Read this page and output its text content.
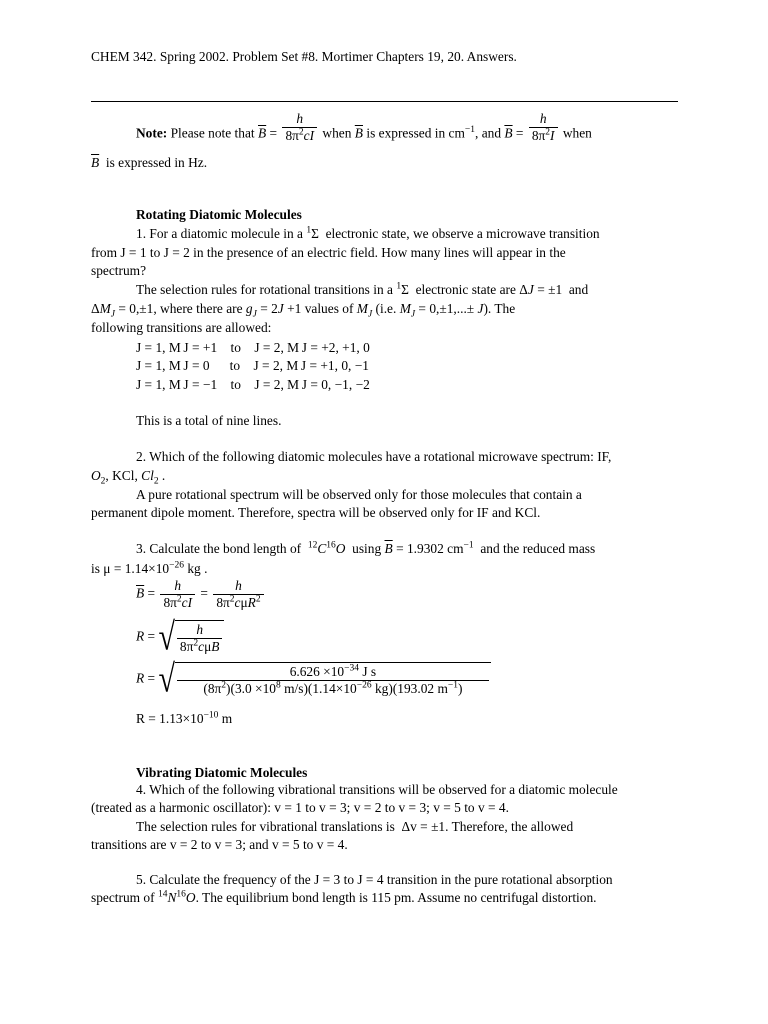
CHEM 342. Spring 2002. Problem Set #8. Mortimer Chapters 19, 20. Answers.
Note: Please note that $\overline{B} = \frac{h}{8\pi^2cI}$ when $\overline{B}$ is expressed in $cm^{-1}$, and $\overline{B} = \frac{h}{8\pi^2I}$ when
$\overline{B}$ is expressed in Hz.
Rotating Diatomic Molecules
1. For a diatomic molecule in a $^1$Σ  electronic state, we observe a microwave transition
from J = 1 to J = 2 in the presence of an electric field. How many lines will appear in the
spectrum?
The selection rules for rotational transitions in a $^1$Σ  electronic state are ΔJ = ±1  and
$\Delta M_J = 0,\pm 1$, where there are $g_J = 2J +1$ values of $M_J$ (i.e. $M_J = 0,\pm 1,...\pm J$). The
following transitions are allowed:
J = 1, M J = +1    to    J = 2, M J = +2, +1, 0
J = 1, M J = 0      to    J = 2, M J = +1, 0, −1
J = 1, M J = −1    to    J = 2, M J = 0, −1, −2
This is a total of nine lines.
2. Which of the following diatomic molecules have a rotational microwave spectrum: IF,
$O_2$, KCl, $Cl_2$ .
A pure rotational spectrum will be observed only for those molecules that contain a
permanent dipole moment. Therefore, spectra will be observed only for IF and KCl.
3. Calculate the bond length of $^{12}C^{16}O$ using $\overline{B} = 1.9302$ $cm^{-1}$ and the reduced mass
is $\mu = 1.14\times 10^{-26}$ kg .
$\overline{B} = \frac{h}{8\pi^2cI} = \frac{h}{8\pi^2c\mu R^2}$
R = √ $\frac{h}{8\pi^2c\mu\overline{B}}$
R = √ $\frac{6.626 \times 10^{-34} J s}{(8\pi^2)(3.0 \times 10^8 m/s)(1.14\times 10^{-26} kg)(193.02 m^{-1})}$
$R = 1.13\times 10^{-10}$ m
Vibrating Diatomic Molecules
4. Which of the following vibrational transitions will be observed for a diatomic molecule
(treated as a harmonic oscillator): v = 1 to v = 3; v = 2 to v = 3; v = 5 to v = 4.
The selection rules for vibrational translations is  Δv = ±1. Therefore, the allowed
transitions are v = 2 to v = 3; and v = 5 to v = 4.
5. Calculate the frequency of the J = 3 to J = 4 transition in the pure rotational absorption
spectrum of $^{14}N^{16}O$. The equilibrium bond length is 115 pm. Assume no centrifugal distortion.
